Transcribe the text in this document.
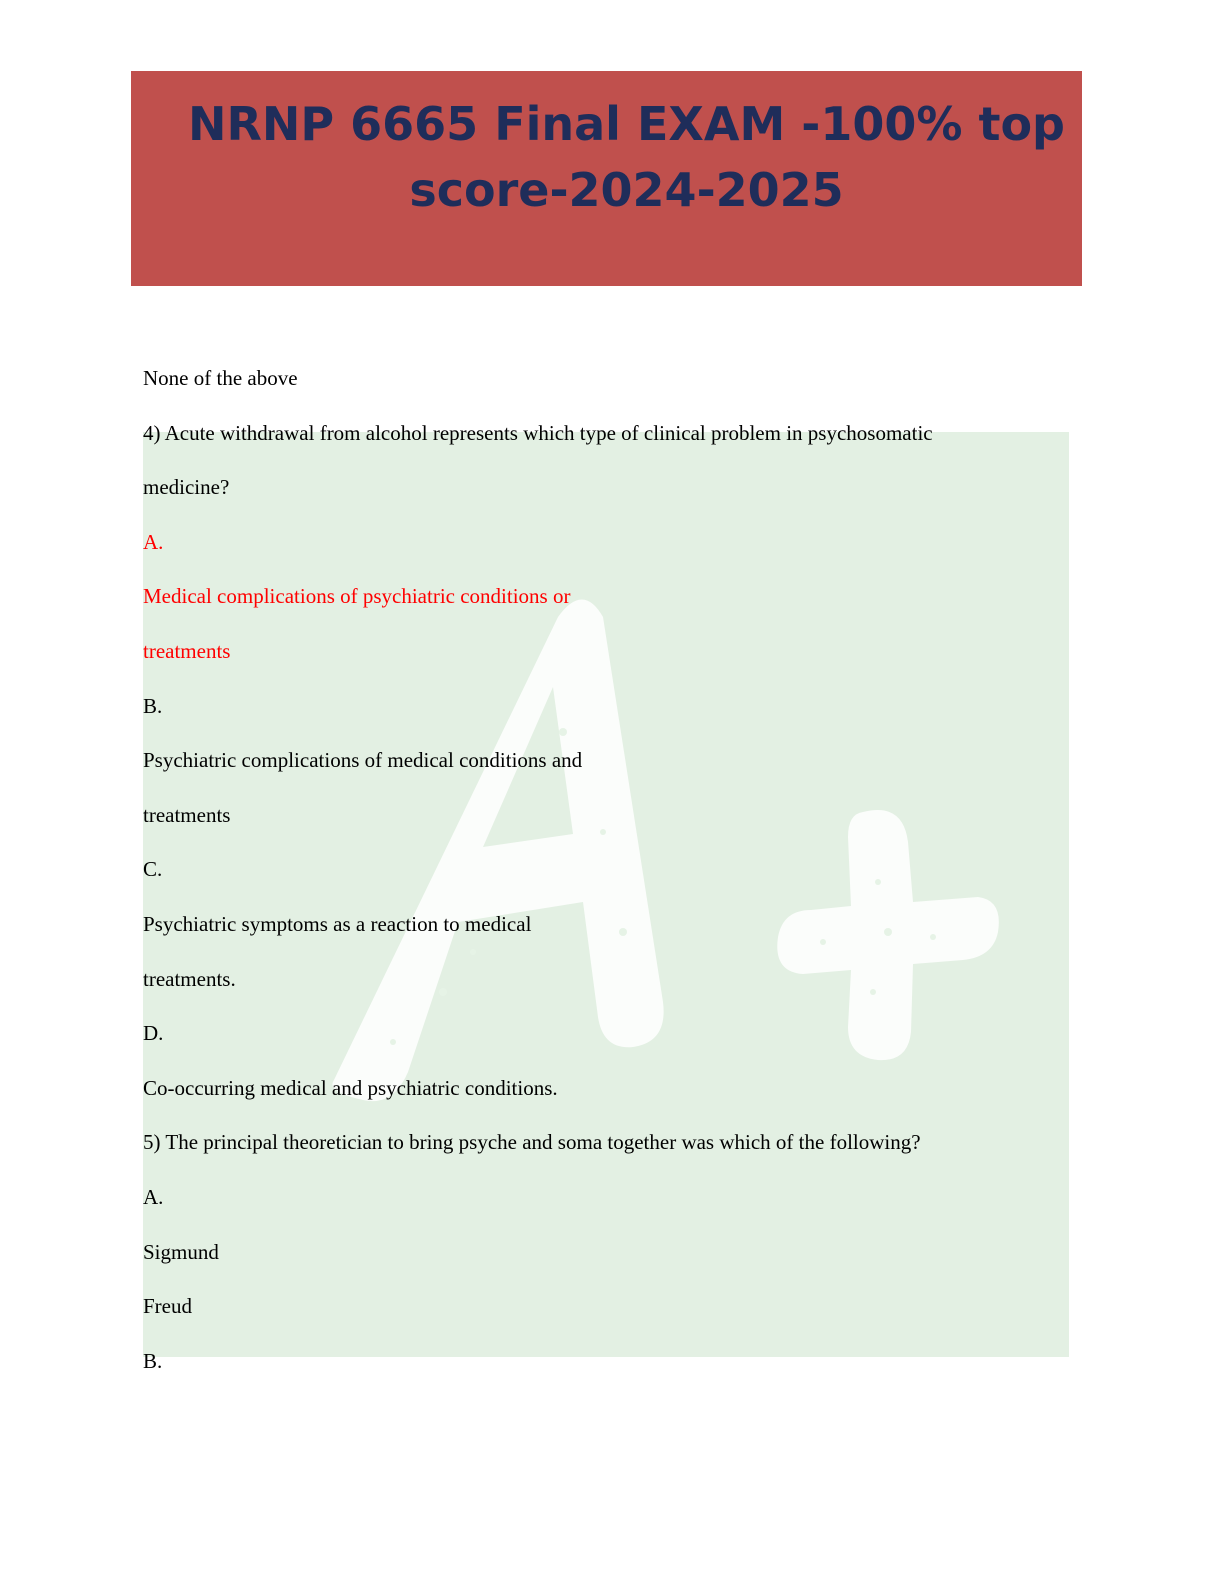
NRNP 6665 Final EXAM -100% top
score-2024-2025
None of the above
4) Acute withdrawal from alcohol represents which type of clinical problem in psychosomatic
medicine?
A.
Medical complications of psychiatric conditions or
treatments
B.
Psychiatric complications of medical conditions and
treatments
C.
Psychiatric symptoms as a reaction to medical
treatments.
D.
Co-occurring medical and psychiatric conditions.
5) The principal theoretician to bring psyche and soma together was which of the following?
A.
Sigmund
Freud
B.
